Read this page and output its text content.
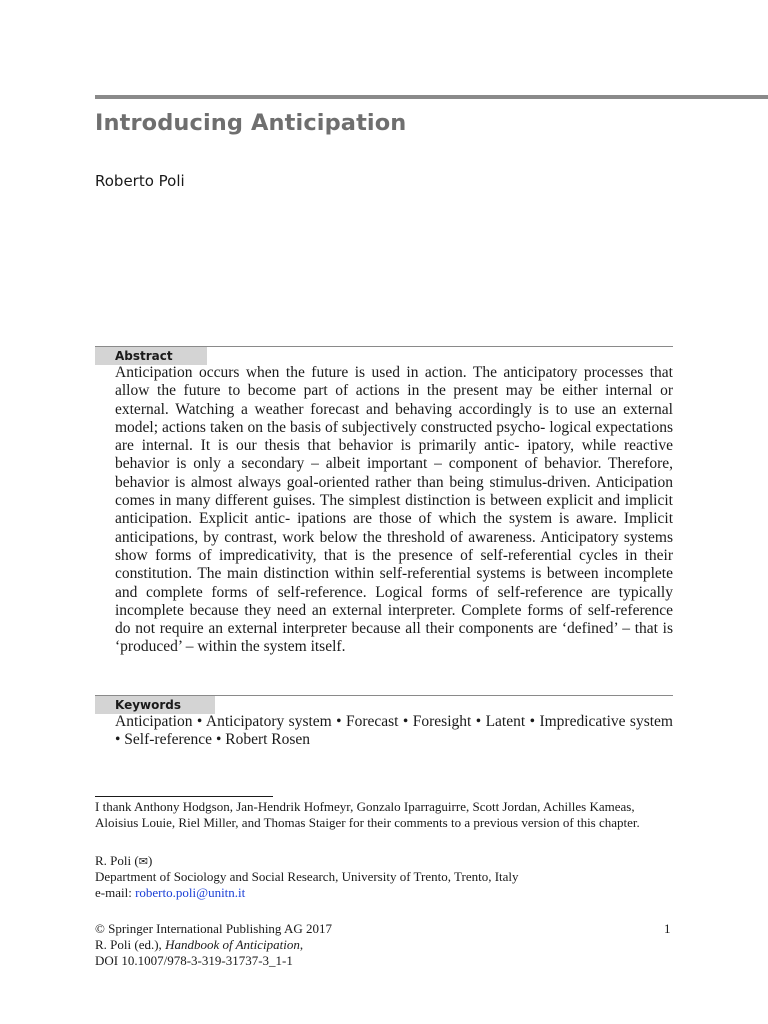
Introducing Anticipation
Roberto Poli
Abstract

Anticipation occurs when the future is used in action. The anticipatory processes that allow the future to become part of actions in the present may be either internal or external. Watching a weather forecast and behaving accordingly is to use an external model; actions taken on the basis of subjectively constructed psycho- logical expectations are internal. It is our thesis that behavior is primarily antic- ipatory, while reactive behavior is only a secondary – albeit important – component of behavior. Therefore, behavior is almost always goal-oriented rather than being stimulus-driven. Anticipation comes in many different guises. The simplest distinction is between explicit and implicit anticipation. Explicit antic- ipations are those of which the system is aware. Implicit anticipations, by contrast, work below the threshold of awareness. Anticipatory systems show forms of impredicativity, that is the presence of self-referential cycles in their constitution. The main distinction within self-referential systems is between incomplete and complete forms of self-reference. Logical forms of self-reference are typically incomplete because they need an external interpreter. Complete forms of self-reference do not require an external interpreter because all their components are ‘defined’ – that is ‘produced’ – within the system itself.

Keywords

Anticipation • Anticipatory system • Forecast • Foresight • Latent • Impredicative system • Self-reference • Robert Rosen

I thank Anthony Hodgson, Jan-Hendrik Hofmeyr, Gonzalo Iparraguirre, Scott Jordan, Achilles Kameas, Aloisius Louie, Riel Miller, and Thomas Staiger for their comments to a previous version of this chapter.

R. Poli (✉)
Department of Sociology and Social Research, University of Trento, Trento, Italy
e-mail: roberto.poli@unitn.it
© Springer International Publishing AG 2017
R. Poli (ed.), Handbook of Anticipation,
DOI 10.1007/978-3-319-31737-3_1-1
1
